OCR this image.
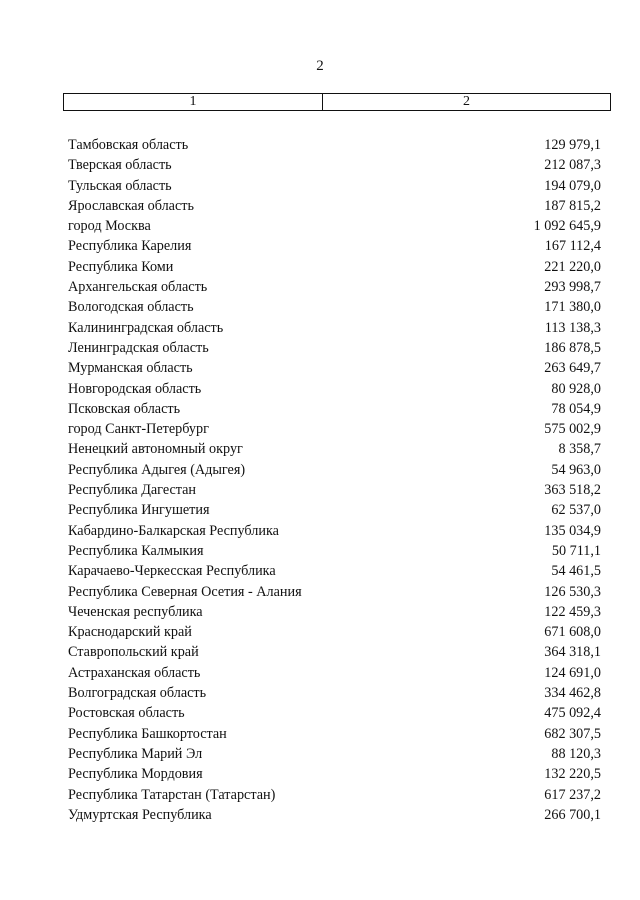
2
1	2
Тамбовская область	129 979,1
Тверская область	212 087,3
Тульская область	194 079,0
Ярославская область	187 815,2
город Москва	1 092 645,9
Республика Карелия	167 112,4
Республика Коми	221 220,0
Архангельская область	293 998,7
Вологодская область	171 380,0
Калининградская область	113 138,3
Ленинградская область	186 878,5
Мурманская область	263 649,7
Новгородская область	80 928,0
Псковская область	78 054,9
город Санкт-Петербург	575 002,9
Ненецкий автономный округ	8 358,7
Республика Адыгея (Адыгея)	54 963,0
Республика Дагестан	363 518,2
Республика Ингушетия	62 537,0
Кабардино-Балкарская Республика	135 034,9
Республика Калмыкия	50 711,1
Карачаево-Черкесская Республика	54 461,5
Республика Северная Осетия - Алания	126 530,3
Чеченская республика	122 459,3
Краснодарский край	671 608,0
Ставропольский край	364 318,1
Астраханская область	124 691,0
Волгоградская область	334 462,8
Ростовская область	475 092,4
Республика Башкортостан	682 307,5
Республика Марий Эл	88 120,3
Республика Мордовия	132 220,5
Республика Татарстан (Татарстан)	617 237,2
Удмуртская Республика	266 700,1
